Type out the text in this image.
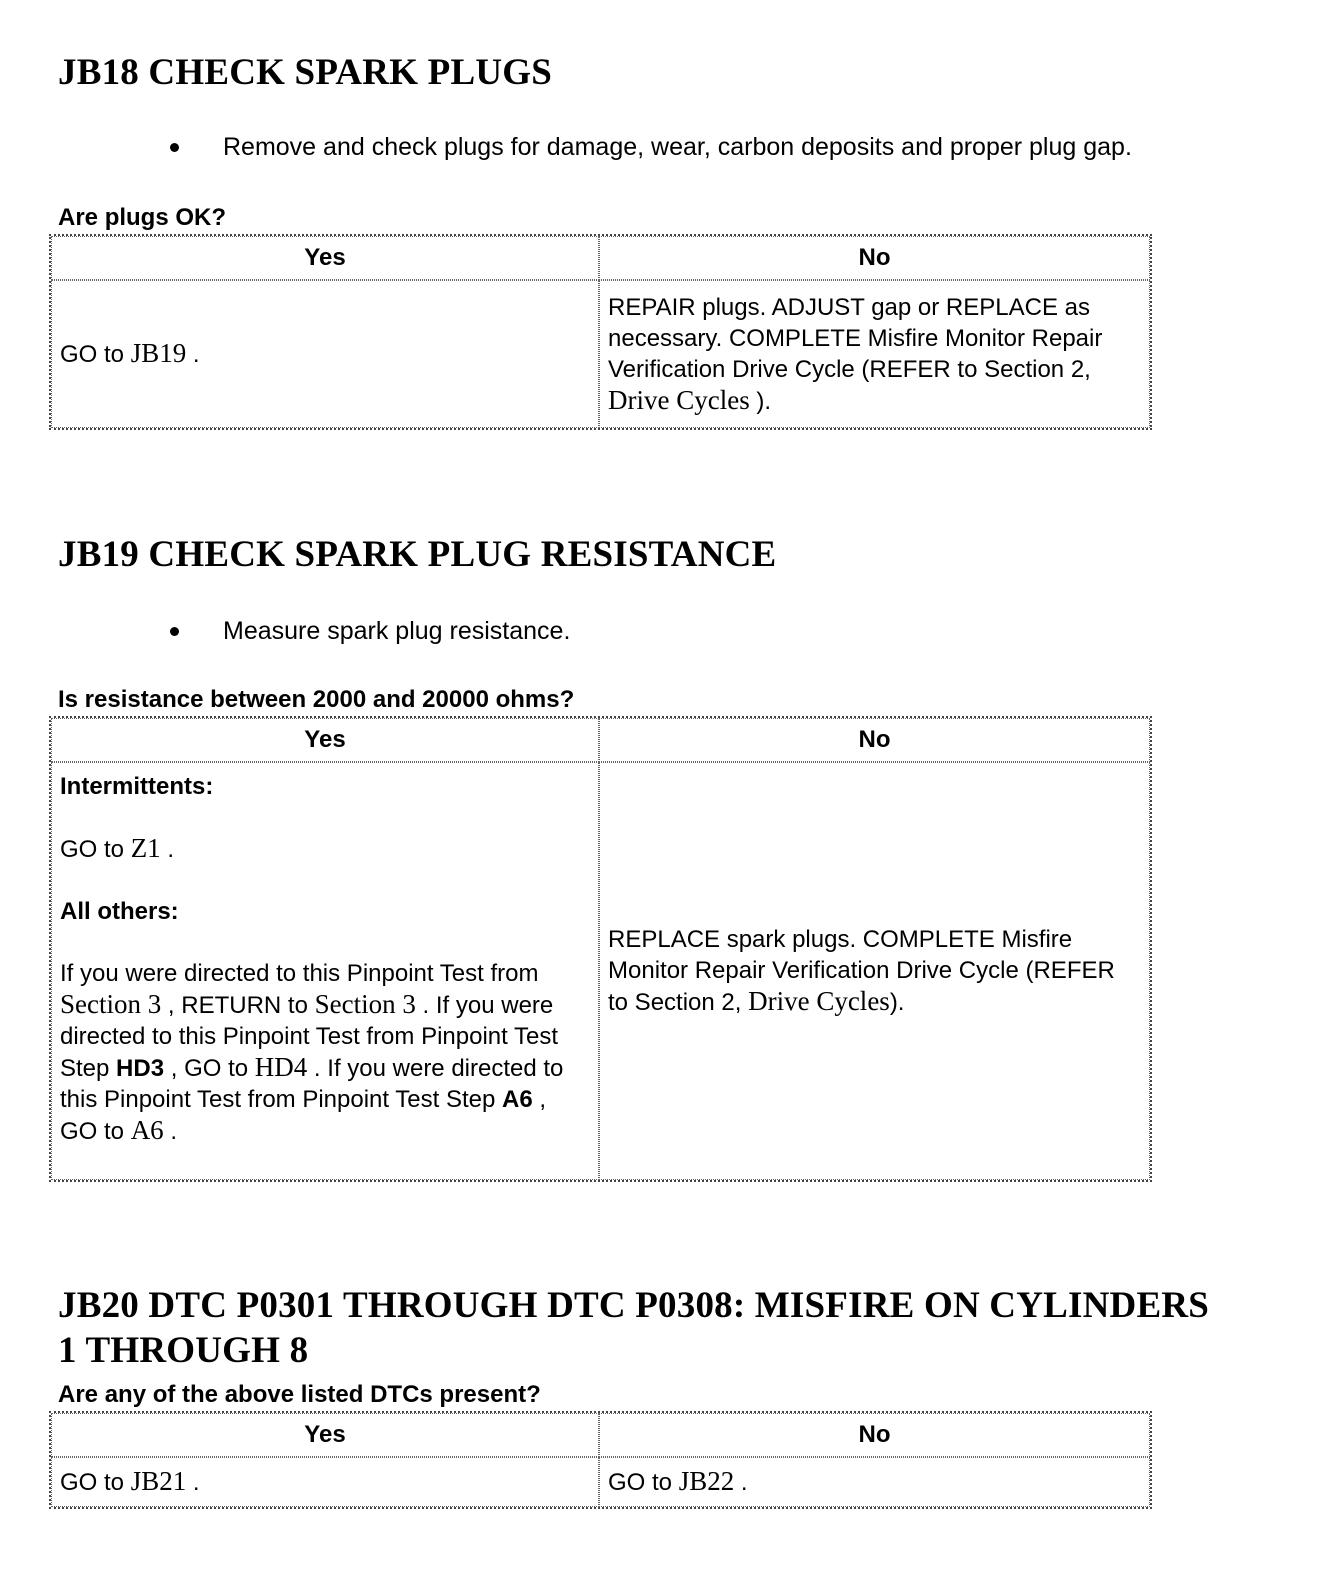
JB18 CHECK SPARK PLUGS
Remove and check plugs for damage, wear, carbon deposits and proper plug gap.
Are plugs OK?
Yes	No
GO to JB19 .	REPAIR plugs. ADJUST gap or REPLACE as necessary. COMPLETE Misfire Monitor Repair Verification Drive Cycle (REFER to Section 2, Drive Cycles ).
JB19 CHECK SPARK PLUG RESISTANCE
Measure spark plug resistance.
Is resistance between 2000 and 20000 ohms?
Yes	No

Intermittents:

GO to Z1 .

All others:

If you were directed to this Pinpoint Test from Section 3 , RETURN to Section 3 . If you were directed to this Pinpoint Test from Pinpoint Test Step HD3 , GO to HD4 . If you were directed to this Pinpoint Test from Pinpoint Test Step A6 , GO to A6 .	REPLACE spark plugs. COMPLETE Misfire Monitor Repair Verification Drive Cycle (REFER to Section 2, Drive Cycles).
JB20 DTC P0301 THROUGH DTC P0308: MISFIRE ON CYLINDERS
1 THROUGH 8
Are any of the above listed DTCs present?
Yes	No
GO to JB21 .	GO to JB22 .
